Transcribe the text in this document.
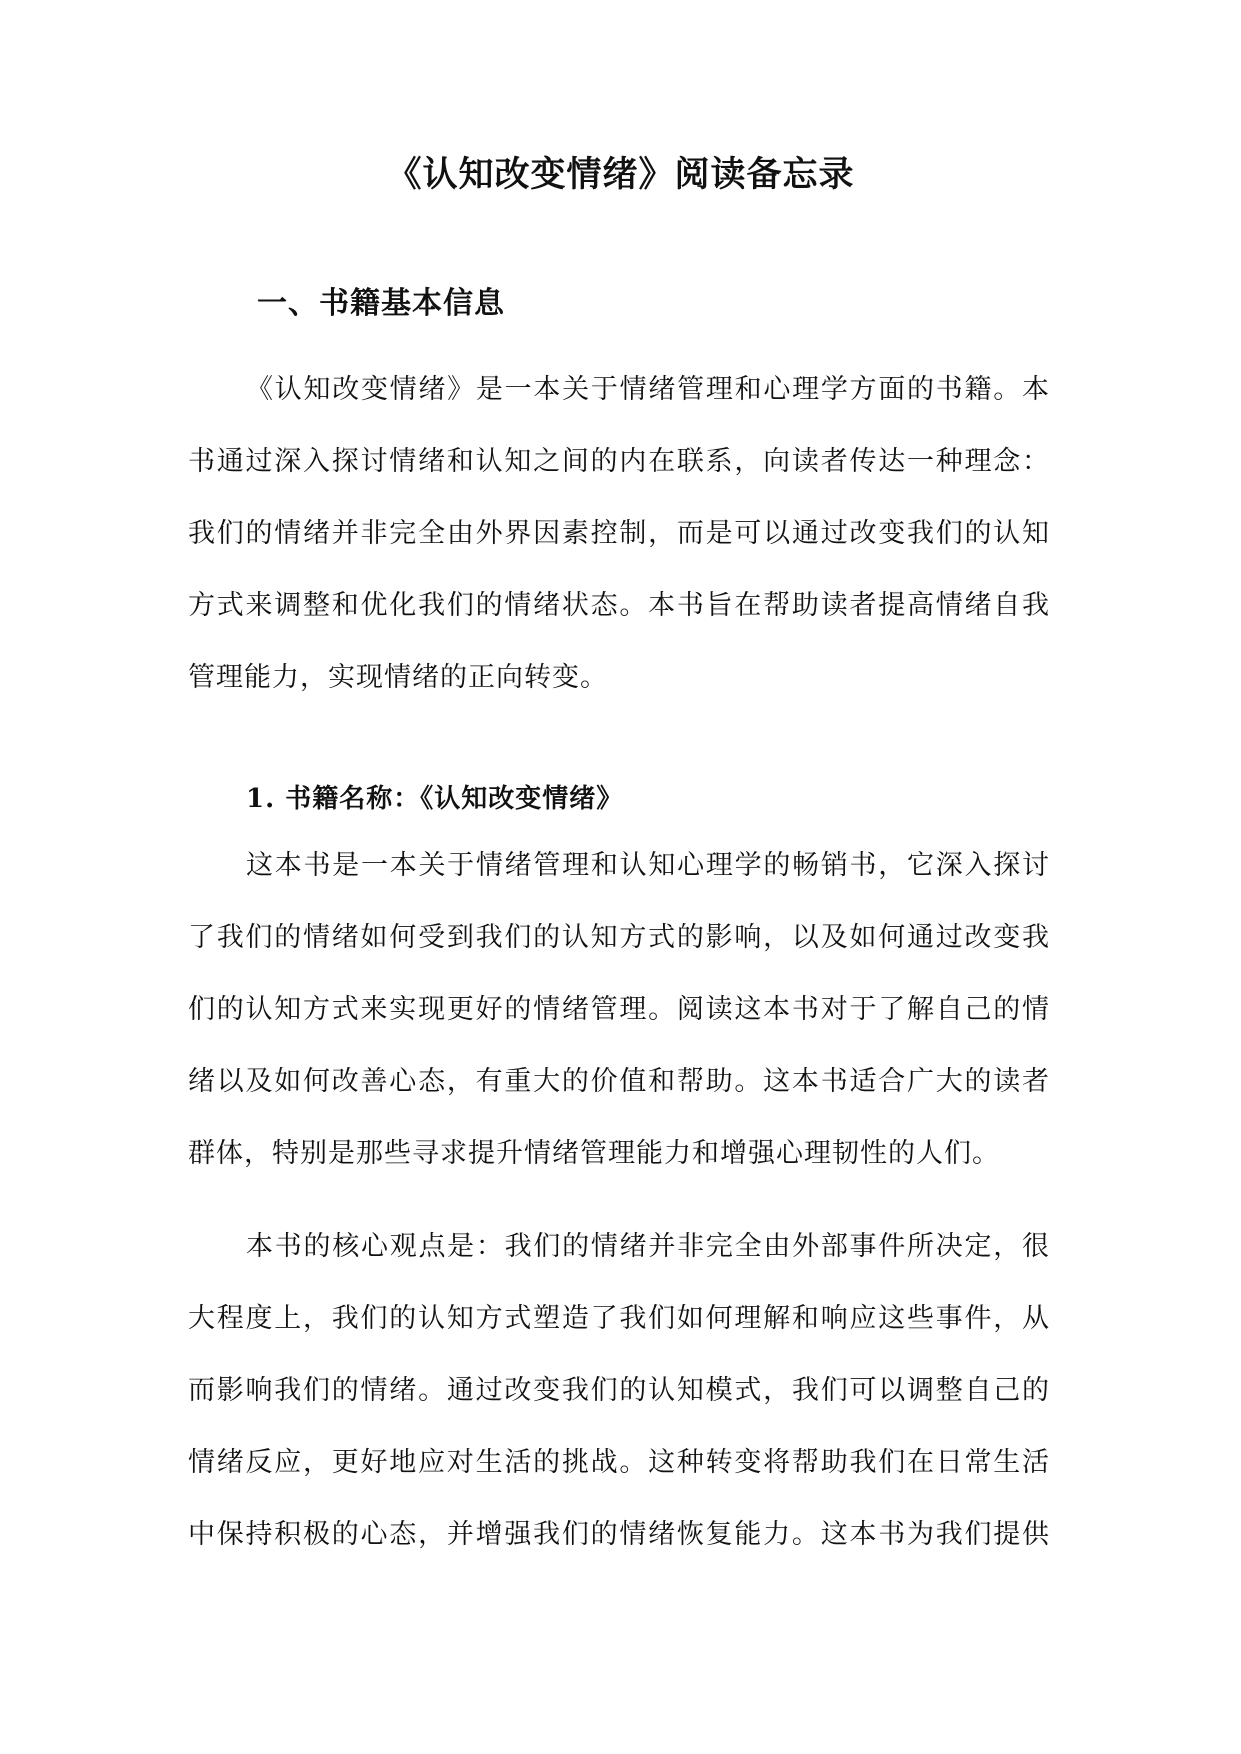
《认知改变情绪》阅读备忘录
一、书籍基本信息
《认知改变情绪》是一本关于情绪管理和心理学方面的书籍。本
书通过深入探讨情绪和认知之间的内在联系，向读者传达一种理念：
我们的情绪并非完全由外界因素控制，而是可以通过改变我们的认知
方式来调整和优化我们的情绪状态。本书旨在帮助读者提高情绪自我
管理能力，实现情绪的正向转变。
1. 书籍名称：《认知改变情绪》
这本书是一本关于情绪管理和认知心理学的畅销书，它深入探讨
了我们的情绪如何受到我们的认知方式的影响，以及如何通过改变我
们的认知方式来实现更好的情绪管理。阅读这本书对于了解自己的情
绪以及如何改善心态，有重大的价值和帮助。这本书适合广大的读者
群体，特别是那些寻求提升情绪管理能力和增强心理韧性的人们。
本书的核心观点是：我们的情绪并非完全由外部事件所决定，很
大程度上，我们的认知方式塑造了我们如何理解和响应这些事件，从
而影响我们的情绪。通过改变我们的认知模式，我们可以调整自己的
情绪反应，更好地应对生活的挑战。这种转变将帮助我们在日常生活
中保持积极的心态，并增强我们的情绪恢复能力。这本书为我们提供
